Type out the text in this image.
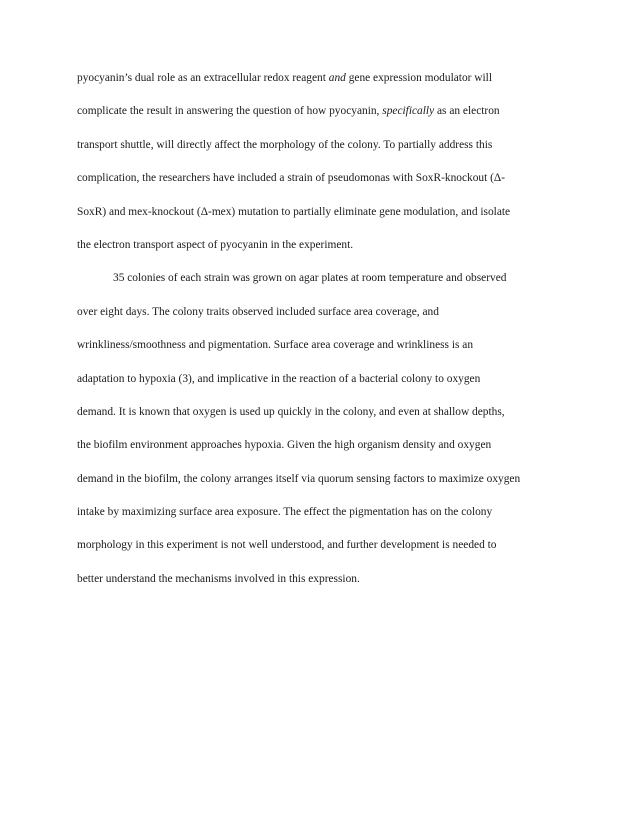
pyocyanin’s dual role as an extracellular redox reagent and gene expression modulator will
complicate the result in answering the question of how pyocyanin, specifically as an electron
transport shuttle, will directly affect the morphology of the colony. To partially address this
complication, the researchers have included a strain of pseudomonas with SoxR-knockout (Δ-
SoxR) and mex-knockout (Δ-mex) mutation to partially eliminate gene modulation, and isolate
the electron transport aspect of pyocyanin in the experiment.
35 colonies of each strain was grown on agar plates at room temperature and observed
over eight days. The colony traits observed included surface area coverage, and
wrinkliness/smoothness and pigmentation. Surface area coverage and wrinkliness is an
adaptation to hypoxia (3), and implicative in the reaction of a bacterial colony to oxygen
demand. It is known that oxygen is used up quickly in the colony, and even at shallow depths,
the biofilm environment approaches hypoxia. Given the high organism density and oxygen
demand in the biofilm, the colony arranges itself via quorum sensing factors to maximize oxygen
intake by maximizing surface area exposure. The effect the pigmentation has on the colony
morphology in this experiment is not well understood, and further development is needed to
better understand the mechanisms involved in this expression.
